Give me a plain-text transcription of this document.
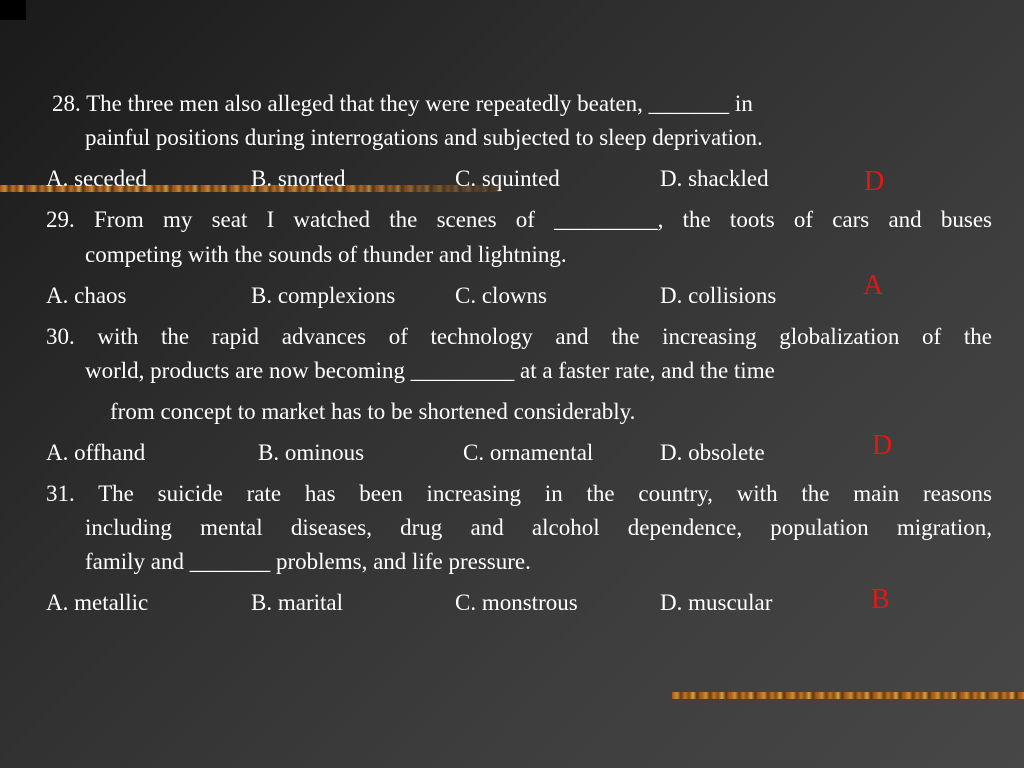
28. The three men also alleged that they were repeatedly beaten, _______ in
painful positions during interrogations and subjected to sleep deprivation.
A. seceded	B. snorted	C. squinted	D. shackled	D
29. From my seat I watched the scenes of _________, the toots of cars and buses
competing with the sounds of thunder and lightning.
A. chaos	B. complexions	C. clowns	D. collisions	A
30. with the rapid advances of technology and the increasing globalization of the
world, products are now becoming _________ at a faster rate, and the time
from concept to market has to be shortened considerably.
A. offhand	B. ominous	C. ornamental	D. obsolete	D
31. The suicide rate has been increasing in the country, with the main reasons
including mental diseases, drug and alcohol dependence, population migration,
family and _______ problems, and life pressure.
A. metallic	B. marital	C. monstrous	D. muscular	B
